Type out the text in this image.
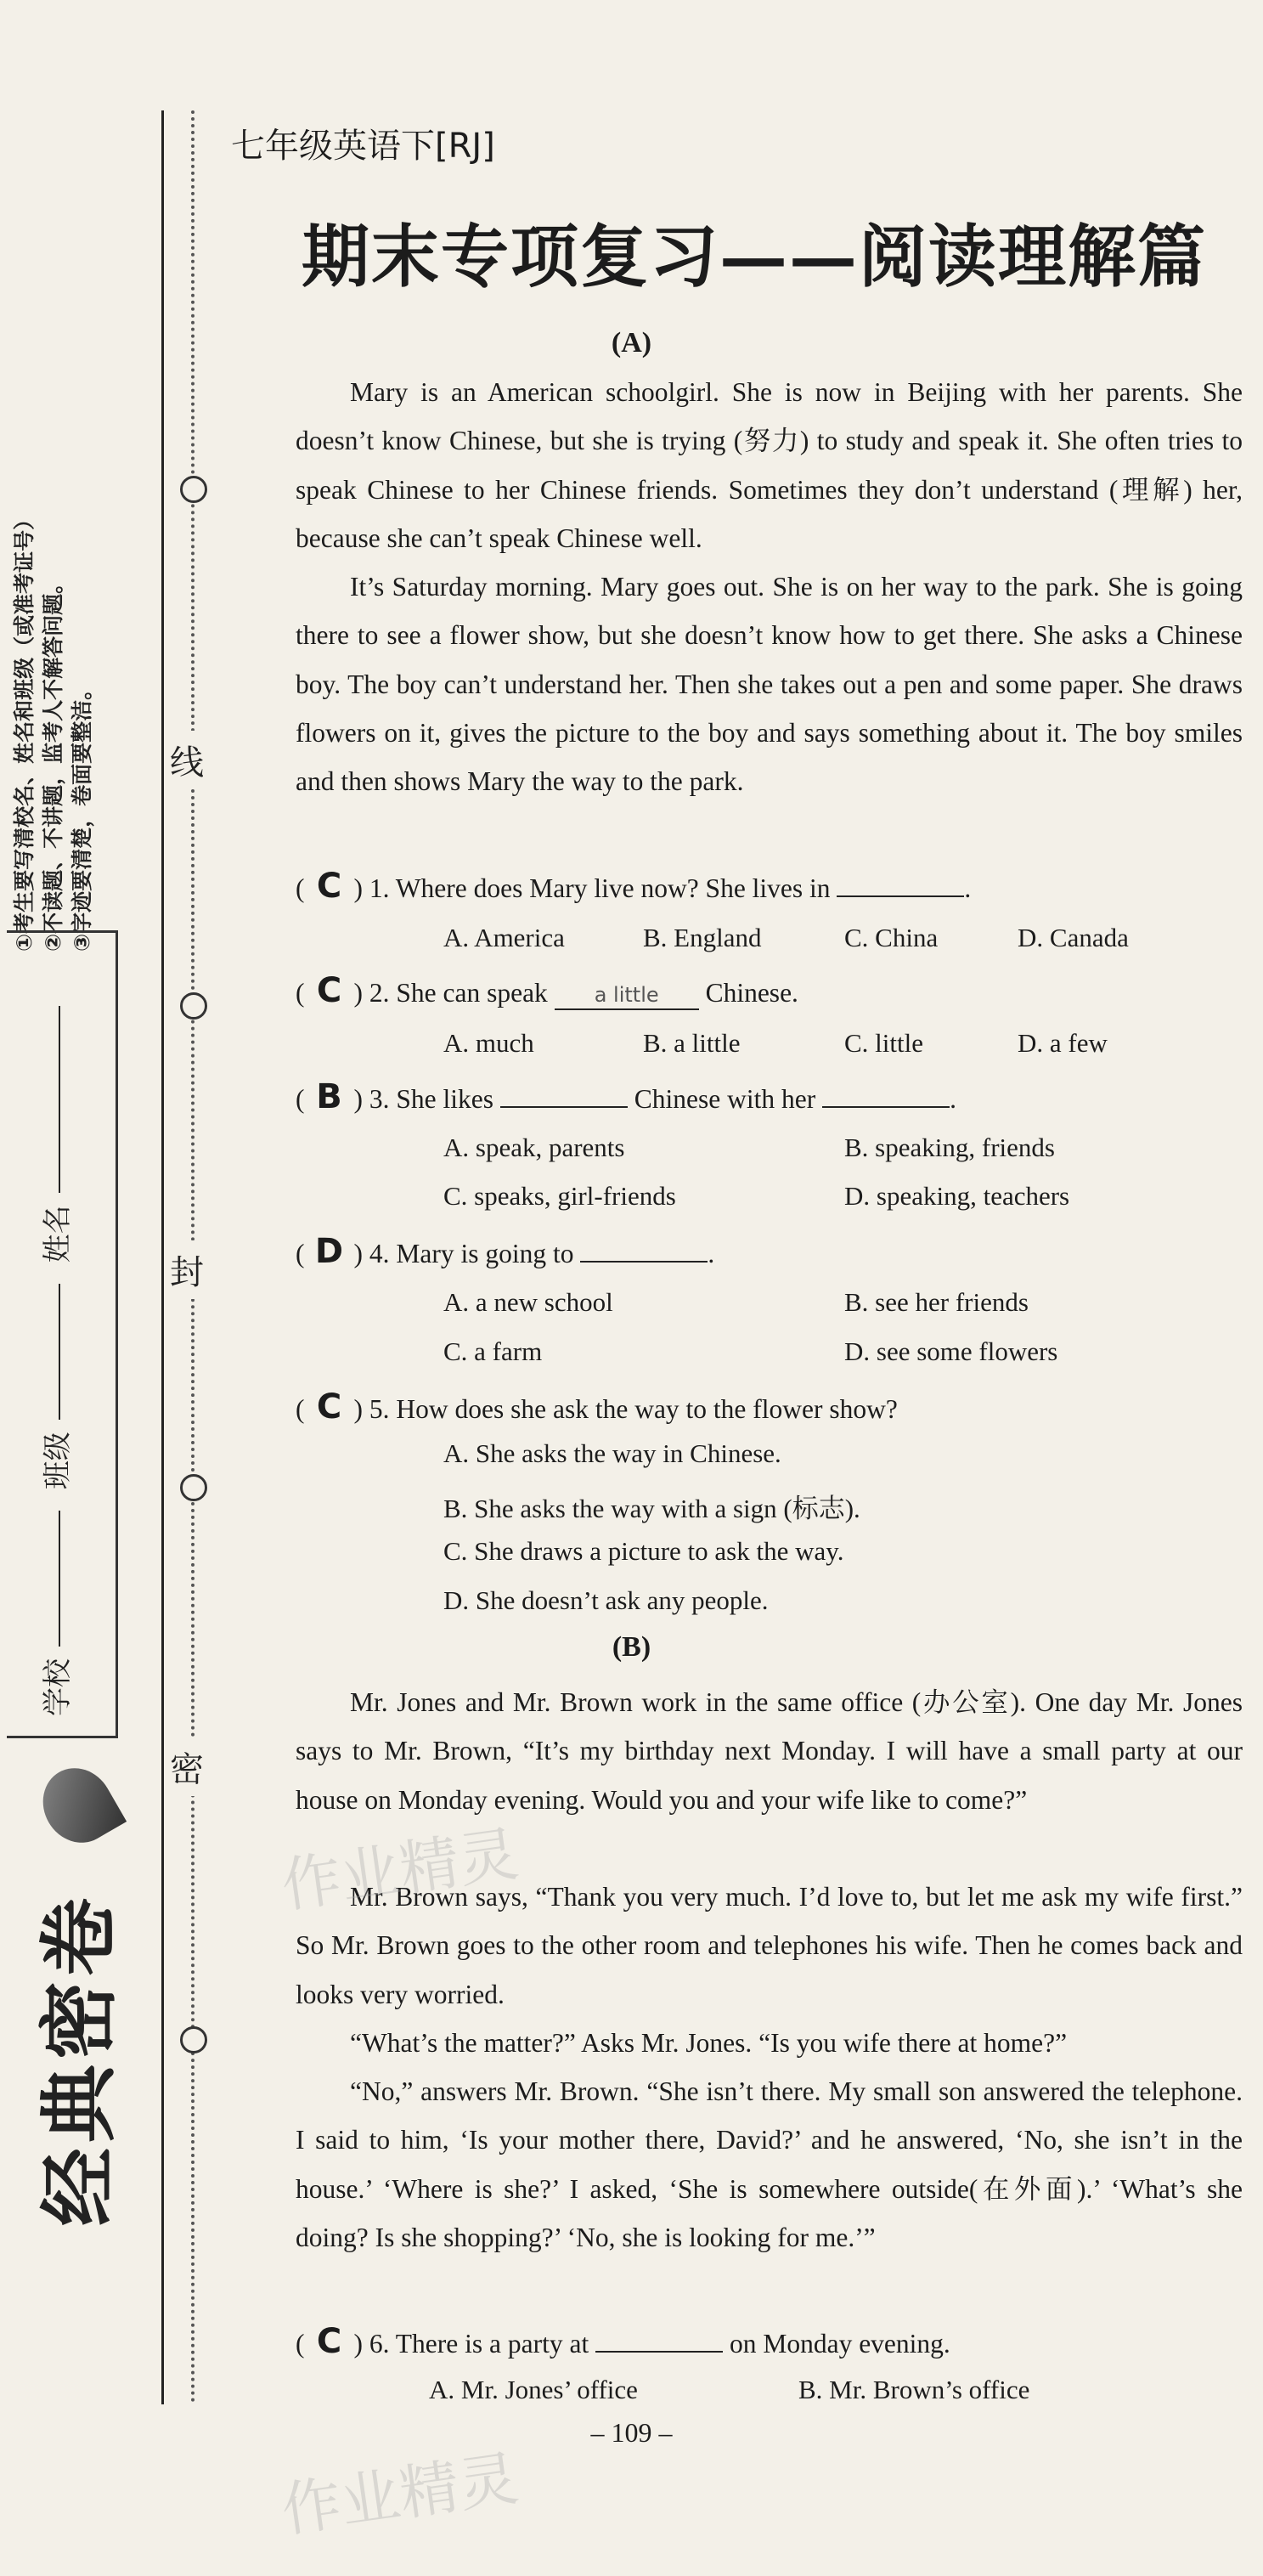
线
封
密
①考生要写清校名、姓名和班级（或准考证号） ②不读题、不讲题，监考人不解答问题。 ③字迹要清楚，卷面要整洁。
学校 班级 姓名
经典密卷
七年级英语下[RJ]
期末专项复习——阅读理解篇
(A)

Mary is an American schoolgirl. She is now in Beijing with her parents. She doesn’t know Chinese, but she is trying (努力) to study and speak it. She often tries to speak Chinese to her Chinese friends. Sometimes they don’t understand (理解) her, because she can’t speak Chinese well.

It’s Saturday morning. Mary goes out. She is on her way to the park. She is going there to see a flower show, but she doesn’t know how to get there. She asks a Chinese boy. The boy can’t understand her. Then she takes out a pen and some paper. She draws flowers on it, gives the picture to the boy and says something about it. The boy smiles and then shows Mary the way to the park.

( C ) 1. Where does Mary live now? She lives in	.
A. America	B. England	C. China	D. Canada
( C ) 2. She can speak a little Chinese.
A. much	B. a little	C. little	D. a few
( B ) 3. She likes	Chinese with her	.
A. speak, parents	B. speaking, friends
C. speaks, girl-friends	D. speaking, teachers
( D ) 4. Mary is going to	.
A. a new school	B. see her friends
C. a farm	D. see some flowers
( C ) 5. How does she ask the way to the flower show?
A. She asks the way in Chinese.
B. She asks the way with a sign (标志).
C. She draws a picture to ask the way.
D. She doesn’t ask any people.
(B)

Mr. Jones and Mr. Brown work in the same office (办公室). One day Mr. Jones says to Mr. Brown, “It’s my birthday next Monday. I will have a small party at our house on Monday evening. Would you and your wife like to come?”

Mr. Brown says, “Thank you very much. I’d love to, but let me ask my wife first.” So Mr. Brown goes to the other room and telephones his wife. Then he comes back and looks very worried.

“What’s the matter?” Asks Mr. Jones. “Is you wife there at home?”

“No,” answers Mr. Brown. “She isn’t there. My small son answered the telephone. I said to him, ‘Is your mother there, David?’ and he answered, ‘No, she isn’t in the house.’ ‘Where is she?’ I asked, ‘She is somewhere outside(在外面).’ ‘What’s she doing? Is she shopping?’ ‘No, she is looking for me.’”

( C ) 6. There is a party at	on Monday evening.
A. Mr. Jones’ office	B. Mr. Brown’s office
– 109 –
作业精灵
作业精灵
